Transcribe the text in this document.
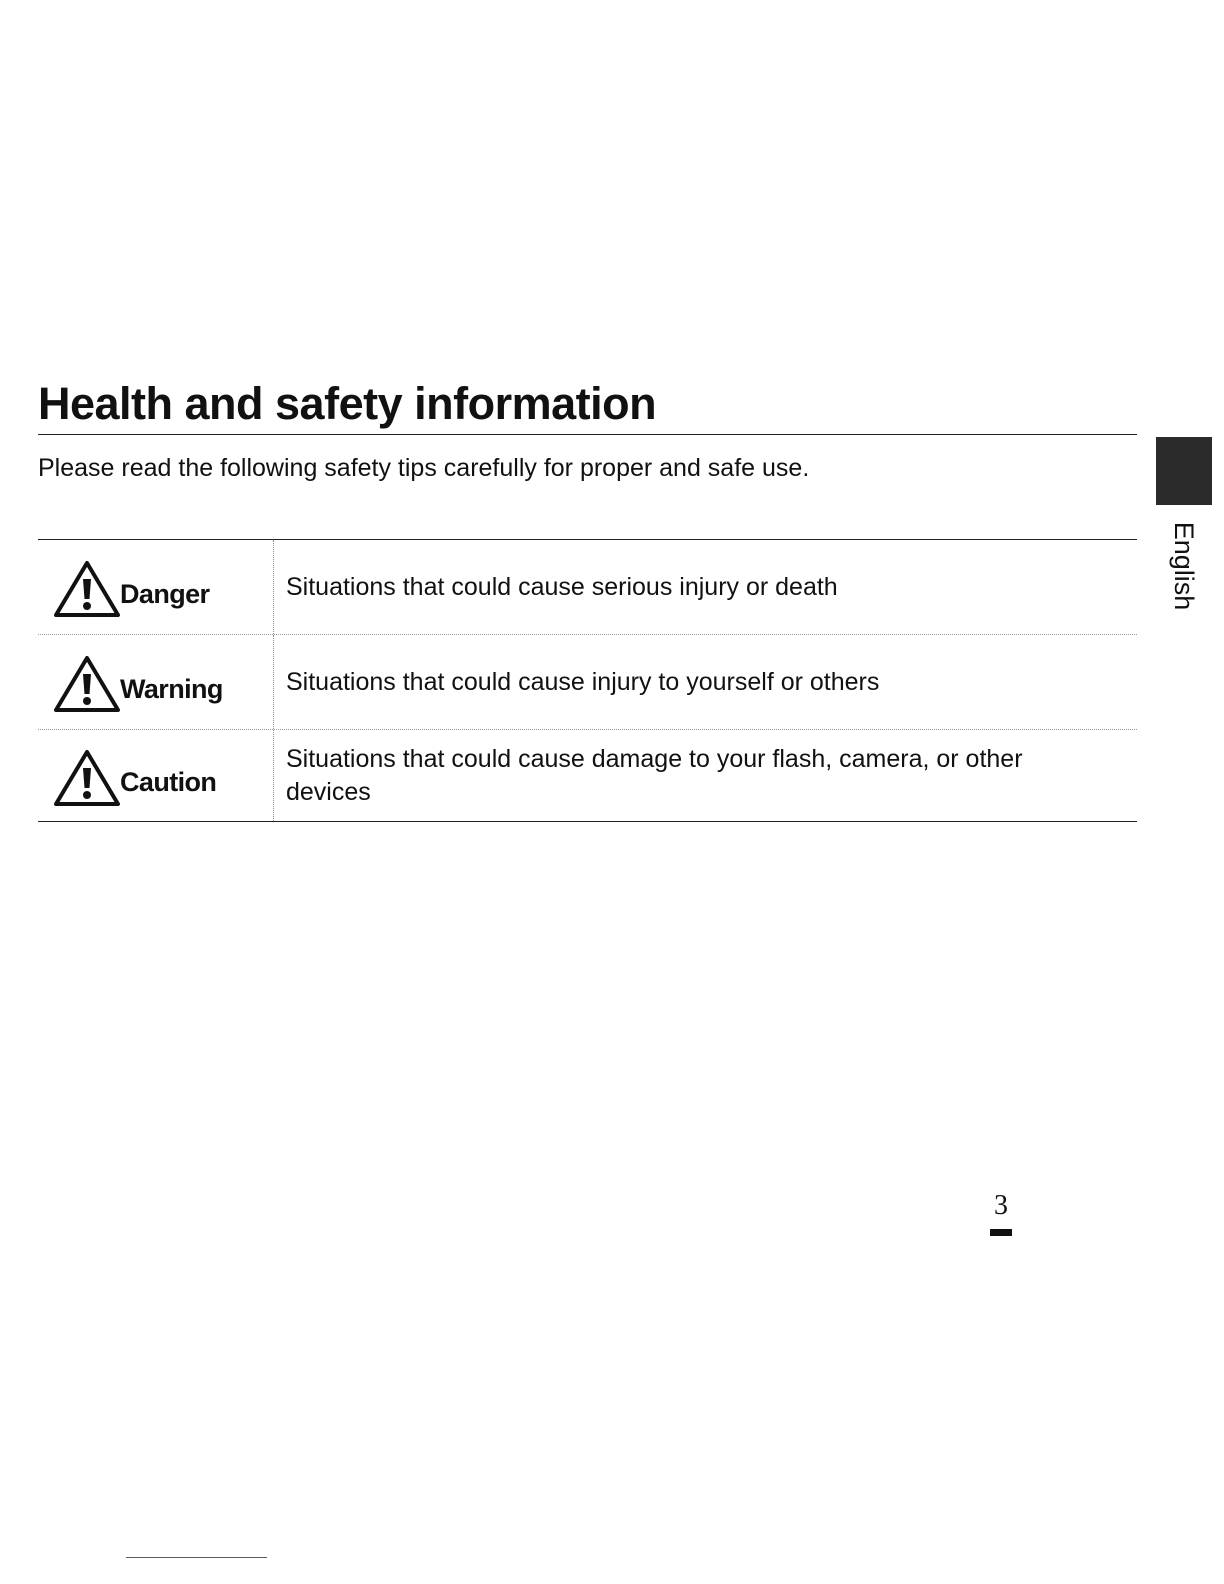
Health and safety information

Please read the following safety tips carefully for proper and safe use.

English
Danger	Situations that could cause serious injury or death
Warning	Situations that could cause injury to yourself or others
Caution
Situations that could cause damage to your flash, camera, or other devices
3
